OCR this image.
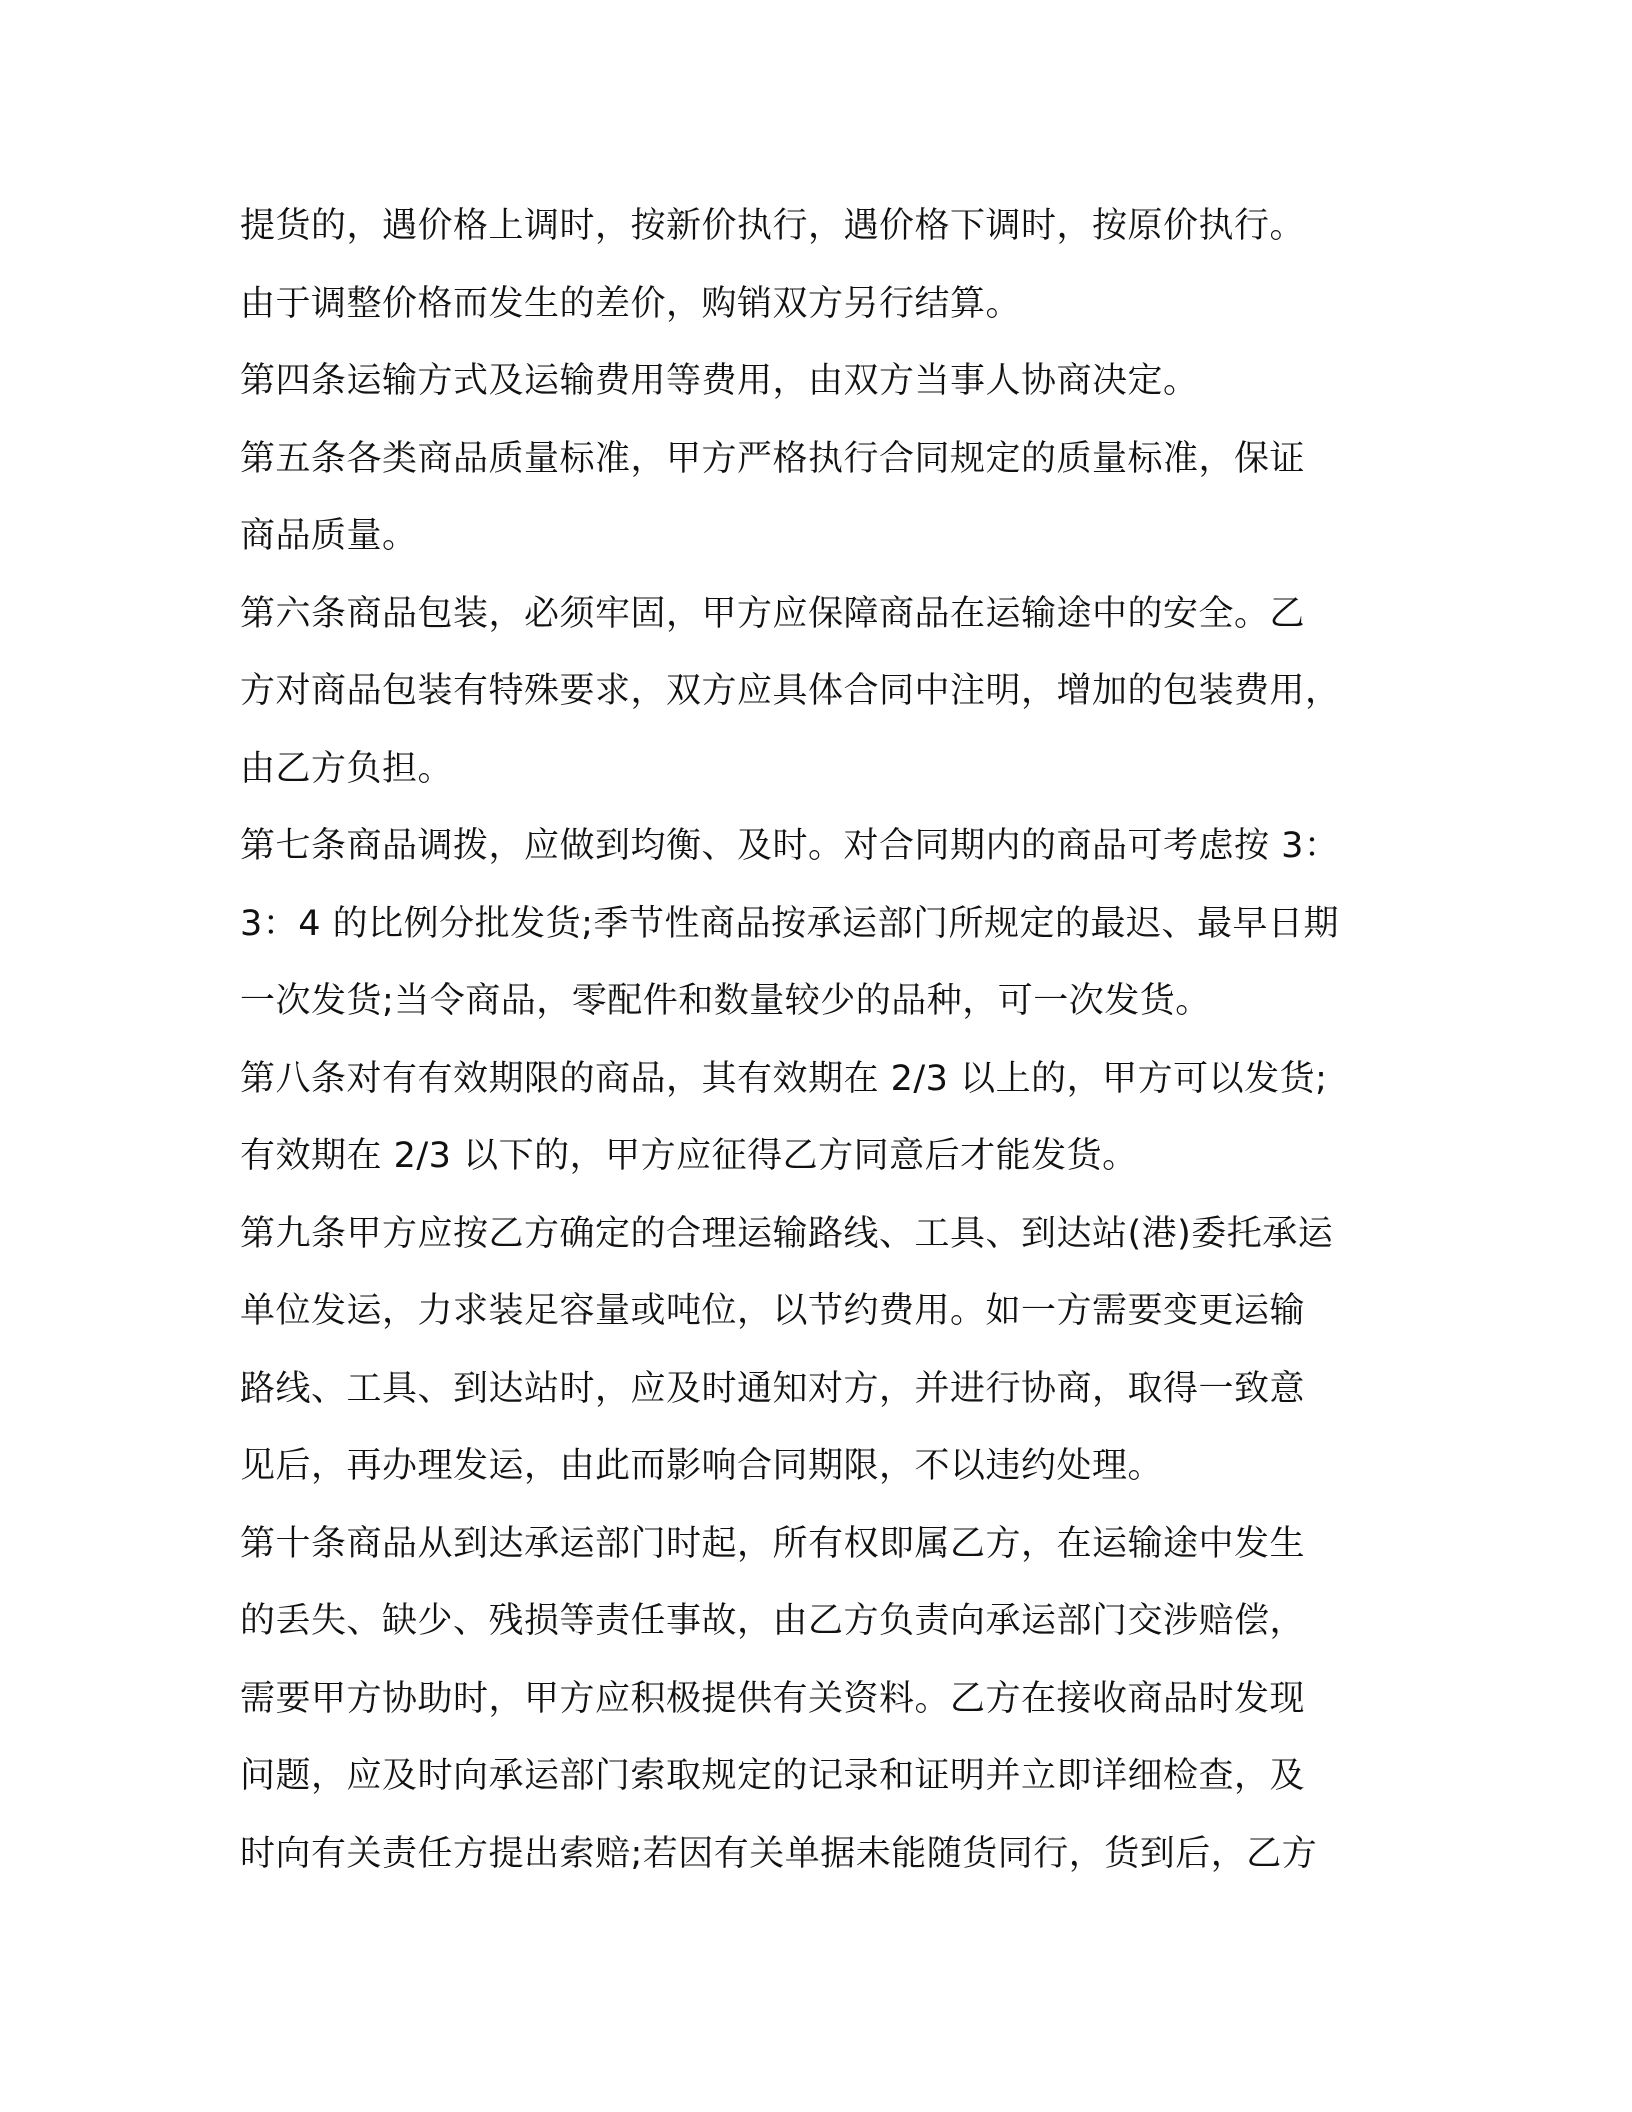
提货的，遇价格上调时，按新价执行，遇价格下调时，按原价执行。
由于调整价格而发生的差价，购销双方另行结算。
第四条运输方式及运输费用等费用，由双方当事人协商决定。
第五条各类商品质量标准，甲方严格执行合同规定的质量标准，保证
商品质量。
第六条商品包装，必须牢固，甲方应保障商品在运输途中的安全。乙
方对商品包装有特殊要求，双方应具体合同中注明，增加的包装费用，
由乙方负担。
第七条商品调拨，应做到均衡、及时。对合同期内的商品可考虑按 3：
3：4 的比例分批发货;季节性商品按承运部门所规定的最迟、最早日期
一次发货;当令商品，零配件和数量较少的品种，可一次发货。
第八条对有有效期限的商品，其有效期在 2/3 以上的，甲方可以发货;
有效期在 2/3 以下的，甲方应征得乙方同意后才能发货。
第九条甲方应按乙方确定的合理运输路线、工具、到达站(港)委托承运
单位发运，力求装足容量或吨位，以节约费用。如一方需要变更运输
路线、工具、到达站时，应及时通知对方，并进行协商，取得一致意
见后，再办理发运，由此而影响合同期限，不以违约处理。
第十条商品从到达承运部门时起，所有权即属乙方，在运输途中发生
的丢失、缺少、残损等责任事故，由乙方负责向承运部门交涉赔偿，
需要甲方协助时，甲方应积极提供有关资料。乙方在接收商品时发现
问题，应及时向承运部门索取规定的记录和证明并立即详细检查，及
时向有关责任方提出索赔;若因有关单据未能随货同行，货到后，乙方
